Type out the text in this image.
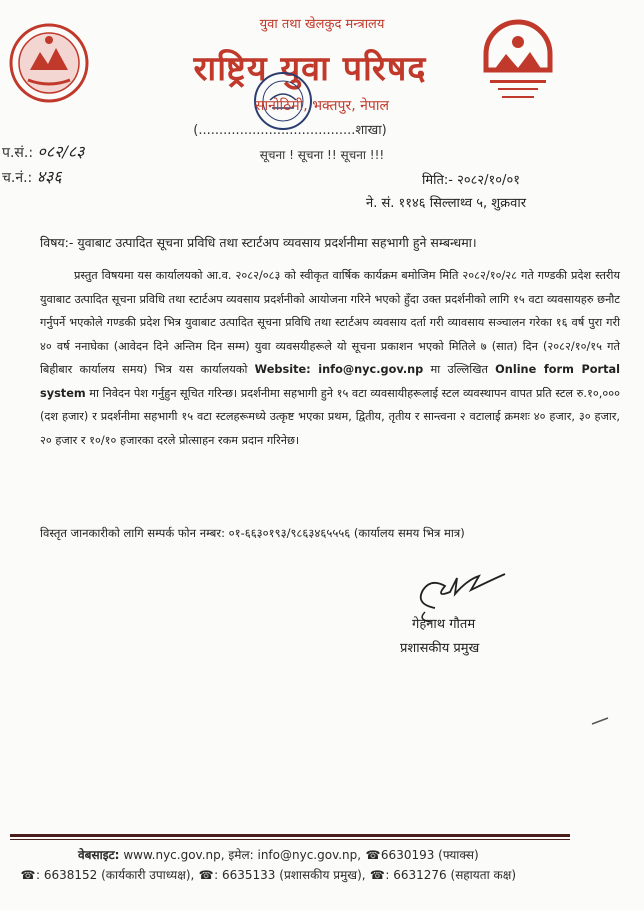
युवा तथा खेलकुद मन्त्रालय
राष्ट्रिय युवा परिषद
सानोठिमी, भक्तपुर, नेपाल
(......................................शाखा)
सूचना ! सूचना !! सूचना !!!
प.सं.: ०८२/८३
च.नं.: ४३६	मिति:- २०८२/१०/०१
ने. सं. ११४६ सिल्लाथ्व ५, शुक्रवार
विषय:- युवाबाट उत्पादित सूचना प्रविधि तथा स्टार्टअप व्यवसाय प्रदर्शनीमा सहभागी हुने सम्बन्धमा।

प्रस्तुत विषयमा यस कार्यालयको आ.व. २०८२/०८३ को स्वीकृत वार्षिक कार्यक्रम बमोजिम मिति २०८२/१०/२८ गते गण्डकी प्रदेश स्तरीय युवाबाट उत्पादित सूचना प्रविधि तथा स्टार्टअप व्यवसाय प्रदर्शनीको आयोजना गरिने भएको हुँदा उक्त प्रदर्शनीको लागि १५ वटा व्यवसायहरु छनौट गर्नुपर्ने भएकोले गण्डकी प्रदेश भित्र युवाबाट उत्पादित सूचना प्रविधि तथा स्टार्टअप व्यवसाय दर्ता गरी व्यावसाय सञ्चालन गरेका १६ वर्ष पुरा गरी ४० वर्ष ननाघेका (आवेदन दिने अन्तिम दिन सम्म) युवा व्यवसयीहरूले यो सूचना प्रकाशन भएको मितिले ७ (सात) दिन (२०८२/१०/१५ गते बिहीबार कार्यालय समय) भित्र यस कार्यालयको Website: info@nyc.gov.np मा उल्लिखित Online form Portal system मा निवेदन पेश गर्नुहुन सूचित गरिन्छ। प्रदर्शनीमा सहभागी हुने १५ वटा व्यवसायीहरूलाई स्टल व्यवस्थापन वापत प्रति स्टल रु.१०,००० (दश हजार) र प्रदर्शनीमा सहभागी १५ वटा स्टलहरूमध्ये उत्कृष्ट भएका प्रथम, द्वितीय, तृतीय र सान्त्वना २ वटालाई क्रमशः ४० हजार, ३० हजार, २० हजार र १०/१० हजारका दरले प्रोत्साहन रकम प्रदान गरिनेछ।

विस्तृत जानकारीको लागि सम्पर्क फोन नम्बर: ०१-६६३०१९३/९८६३४६५५५६ (कार्यालय समय भित्र मात्र)
गेहनाथ गौतम
प्रशासकीय प्रमुख
वेबसाइट: www.nyc.gov.np, इमेल: info@nyc.gov.np, ☎6630193 (फ्याक्स)
☎: 6638152 (कार्यकारी उपाध्यक्ष), ☎: 6635133 (प्रशासकीय प्रमुख), ☎: 6631276 (सहायता कक्ष)
